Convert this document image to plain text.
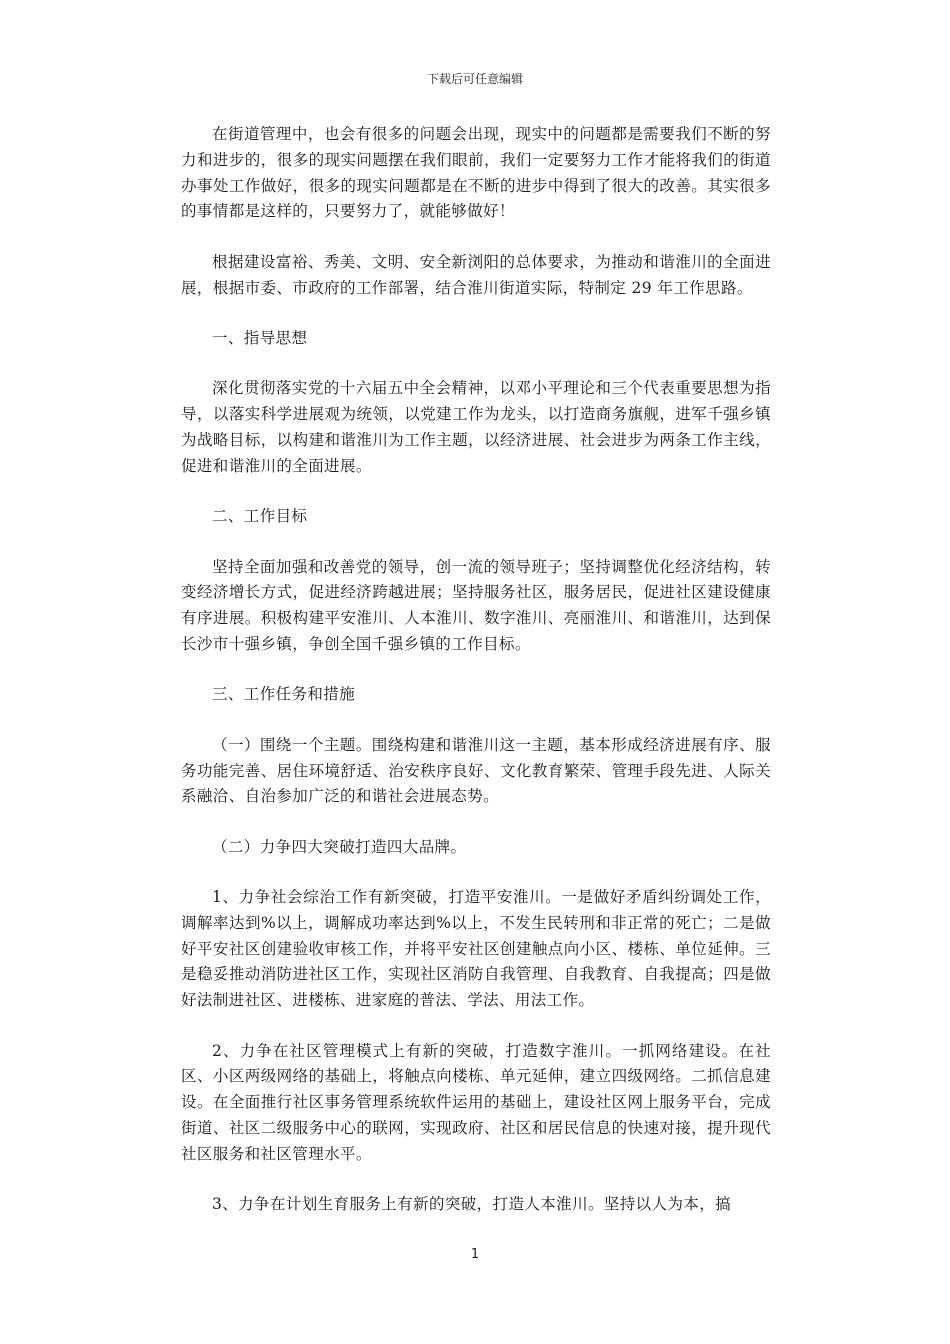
下载后可任意编辑

在街道管理中，也会有很多的问题会出现，现实中的问题都是需要我们不断的努力和进步的，很多的现实问题摆在我们眼前，我们一定要努力工作才能将我们的街道办事处工作做好，很多的现实问题都是在不断的进步中得到了很大的改善。其实很多的事情都是这样的，只要努力了，就能够做好！

根据建设富裕、秀美、文明、安全新浏阳的总体要求，为推动和谐淮川的全面进展，根据市委、市政府的工作部署，结合淮川街道实际，特制定 29 年工作思路。

一、指导思想

深化贯彻落实党的十六届五中全会精神，以邓小平理论和三个代表重要思想为指导，以落实科学进展观为统领，以党建工作为龙头，以打造商务旗舰，进军千强乡镇为战略目标，以构建和谐淮川为工作主题，以经济进展、社会进步为两条工作主线，促进和谐淮川的全面进展。

二、工作目标

坚持全面加强和改善党的领导，创一流的领导班子；坚持调整优化经济结构，转变经济增长方式，促进经济跨越进展；坚持服务社区，服务居民，促进社区建设健康有序进展。积极构建平安淮川、人本淮川、数字淮川、亮丽淮川、和谐淮川，达到保长沙市十强乡镇，争创全国千强乡镇的工作目标。

三、工作任务和措施

（一）围绕一个主题。围绕构建和谐淮川这一主题，基本形成经济进展有序、服务功能完善、居住环境舒适、治安秩序良好、文化教育繁荣、管理手段先进、人际关系融洽、自治参加广泛的和谐社会进展态势。

（二）力争四大突破打造四大品牌。

1、力争社会综治工作有新突破，打造平安淮川。一是做好矛盾纠纷调处工作，调解率达到%以上，调解成功率达到%以上，不发生民转刑和非正常的死亡；二是做好平安社区创建验收审核工作，并将平安社区创建触点向小区、楼栋、单位延伸。三是稳妥推动消防进社区工作，实现社区消防自我管理、自我教育、自我提高；四是做好法制进社区、进楼栋、进家庭的普法、学法、用法工作。

2、力争在社区管理模式上有新的突破，打造数字淮川。一抓网络建设。在社区、小区两级网络的基础上，将触点向楼栋、单元延伸，建立四级网络。二抓信息建设。在全面推行社区事务管理系统软件运用的基础上，建设社区网上服务平台，完成街道、社区二级服务中心的联网，实现政府、社区和居民信息的快速对接，提升现代社区服务和社区管理水平。

3、力争在计划生育服务上有新的突破，打造人本淮川。坚持以人为本，搞

1
